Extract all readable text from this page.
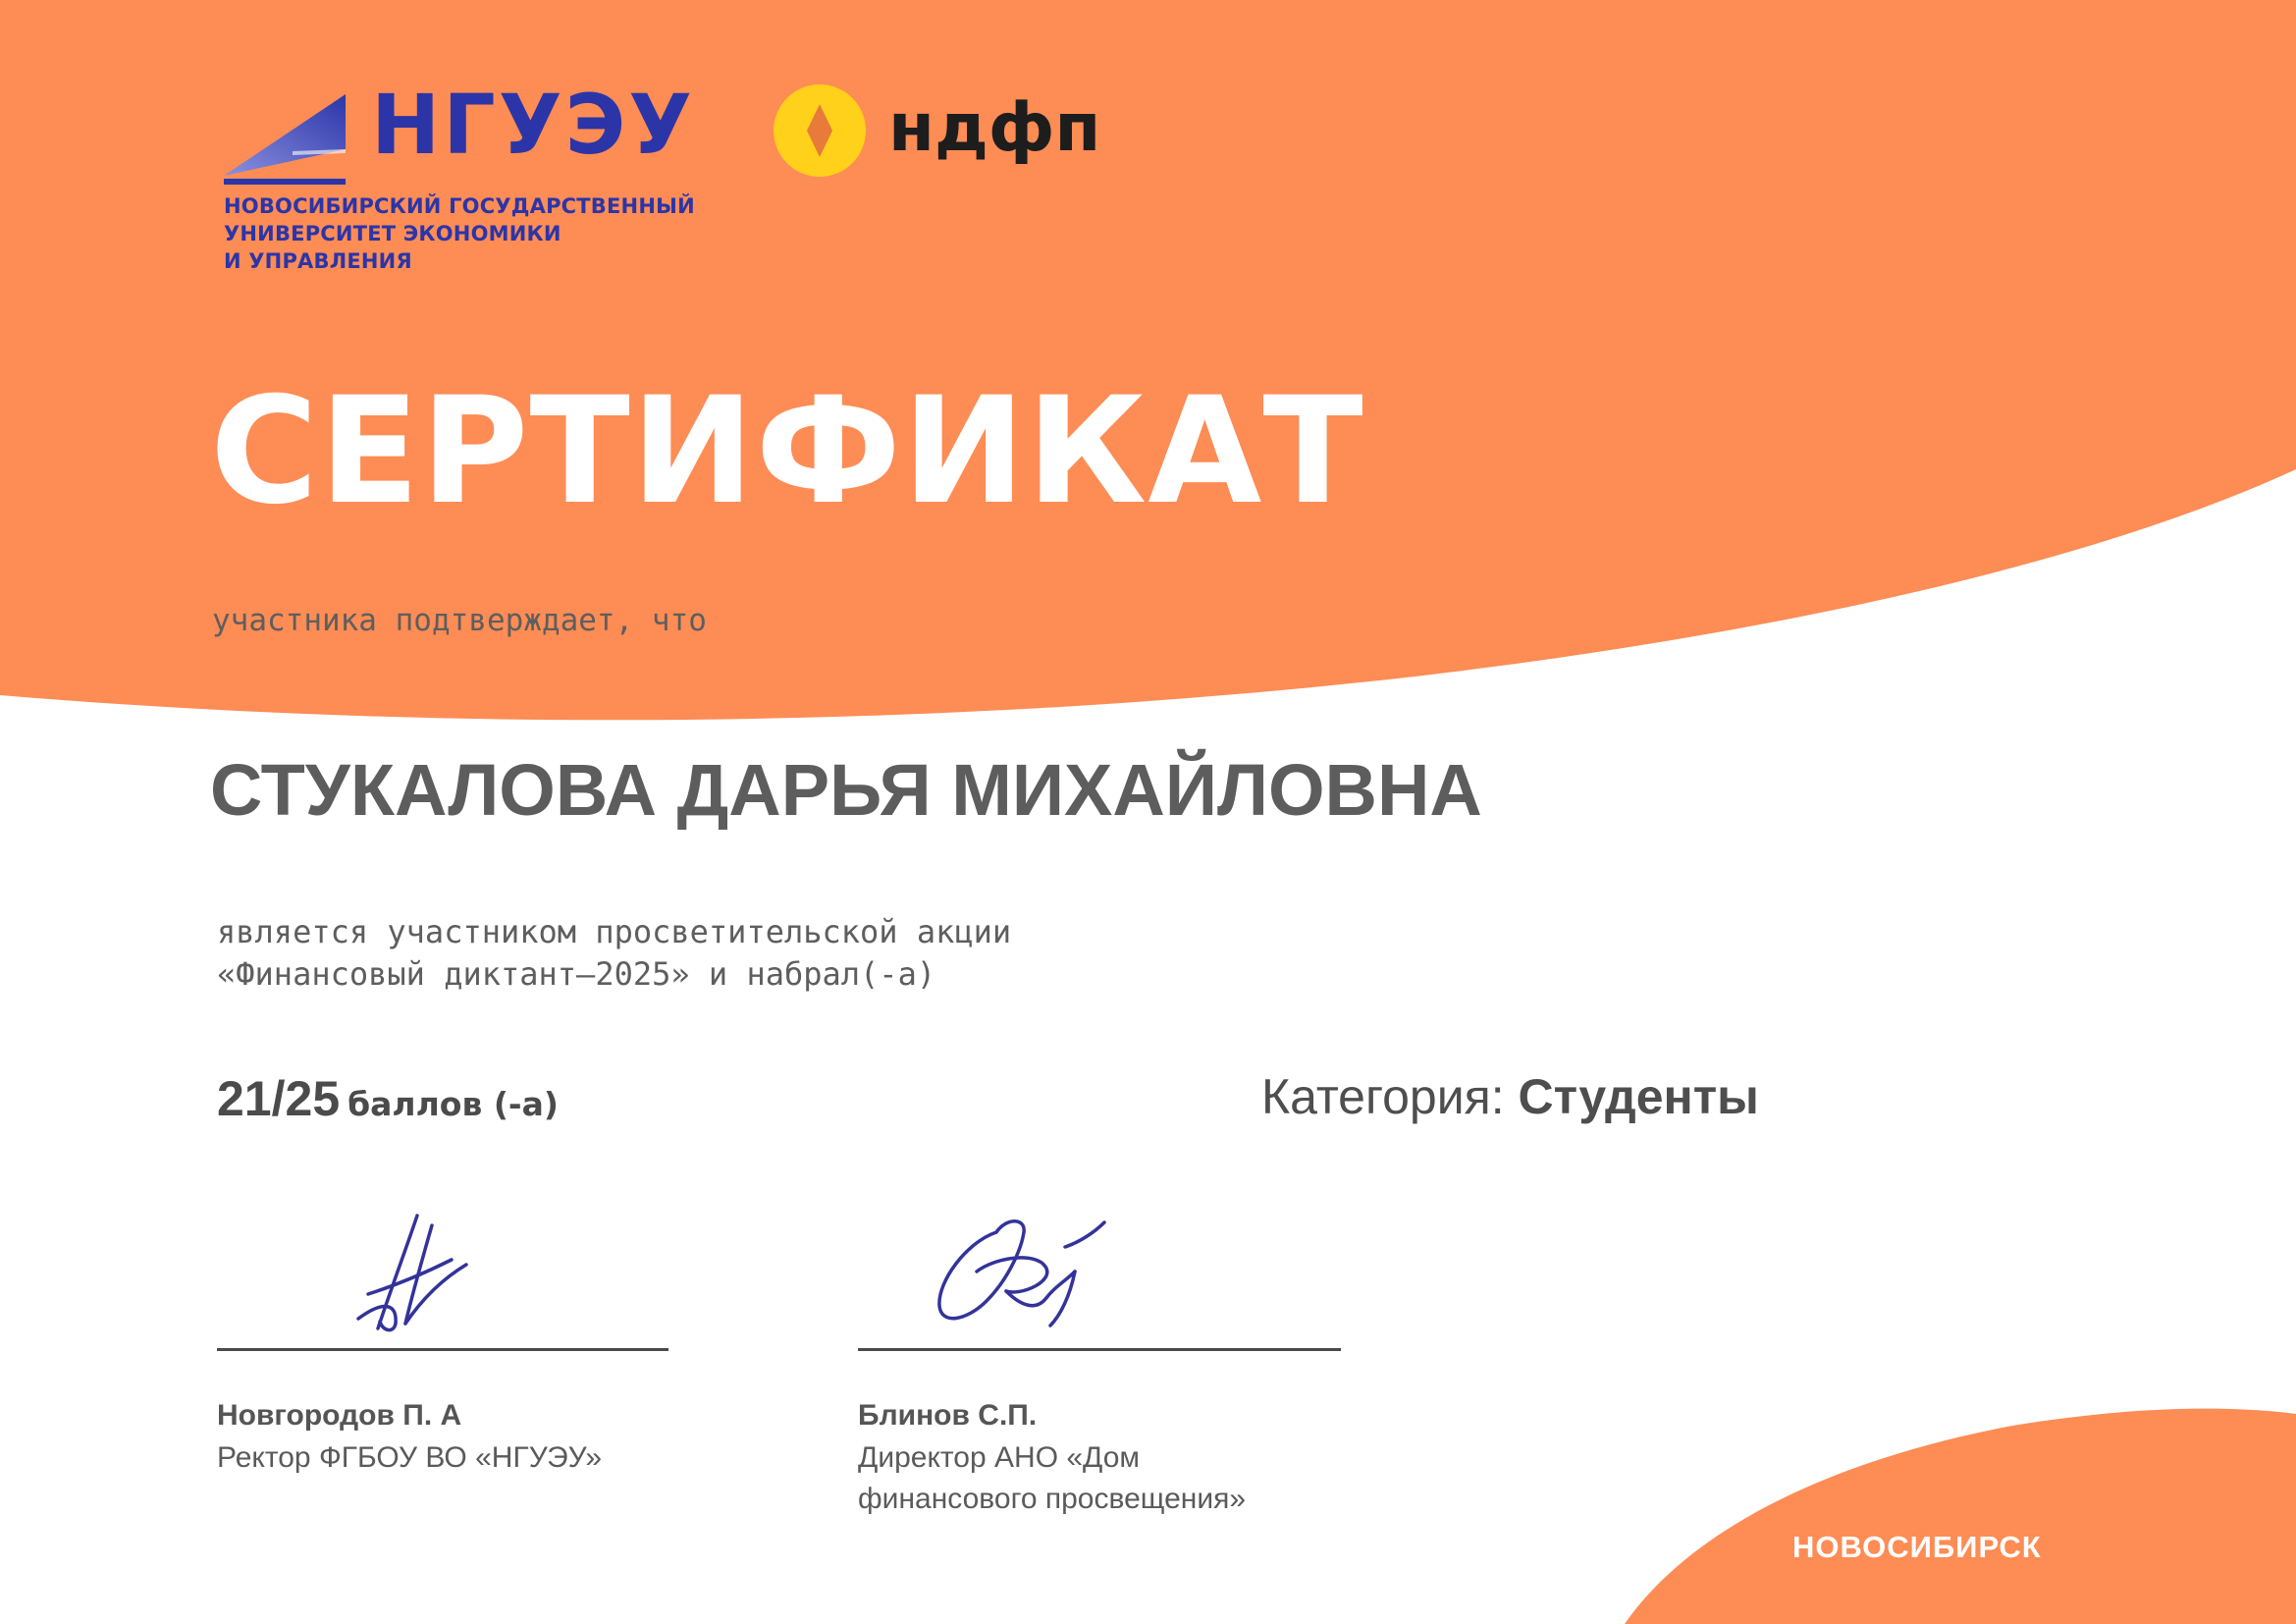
НГУЭУ
НОВОСИБИРСКИЙ ГОСУДАРСТВЕННЫЙ
УНИВЕРСИТЕТ ЭКОНОМИКИ
И УПРАВЛЕНИЯ
ндфп
СЕРТИФИКАТ
участника подтверждает, что
СТУКАЛОВА ДАРЬЯ МИХАЙЛОВНА
является участником просветительской акции
«Финансовый диктант–2025» и набрал(-а)
21/25 баллов (-а)	Категория: Студенты
Новгородов П. А
Ректор ФГБОУ ВО «НГУЭУ»
Блинов С.П.
Директор АНО «Дом
финансового просвещения»
НОВОСИБИРСК
